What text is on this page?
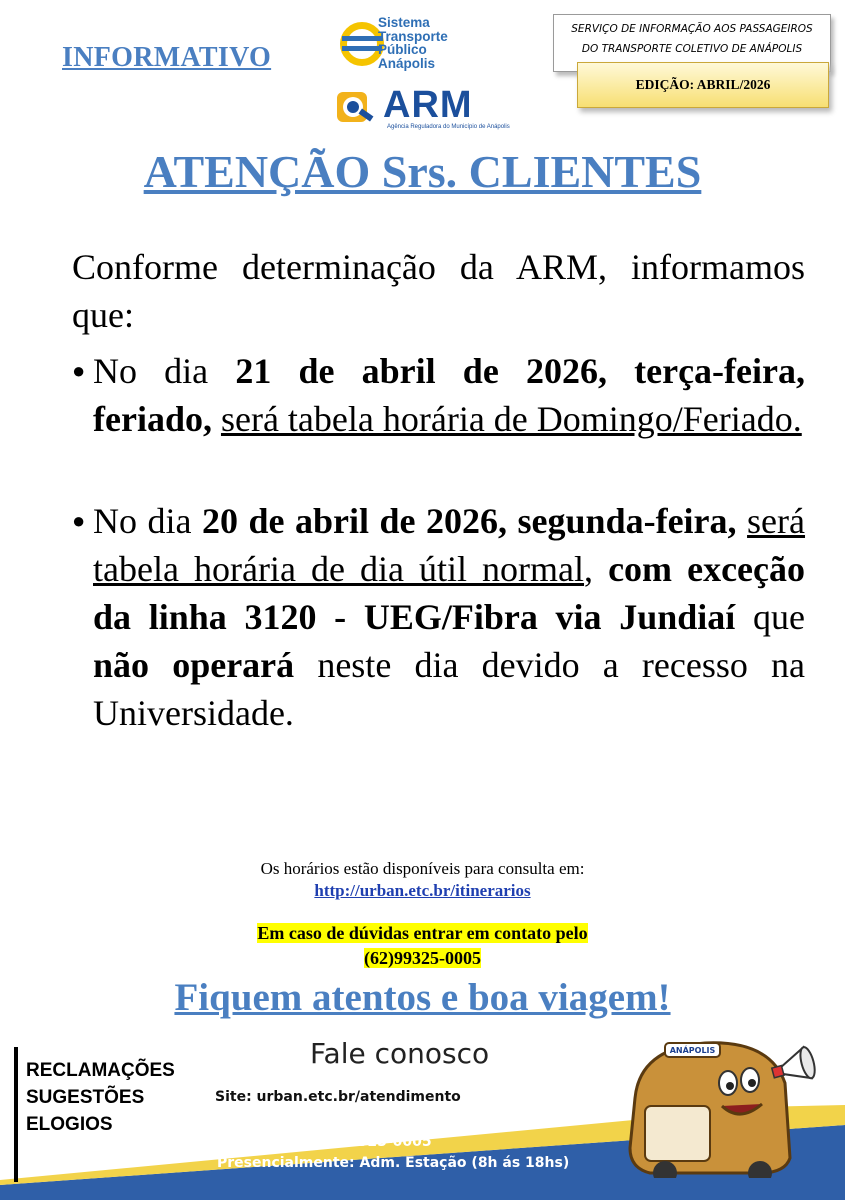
INFORMATIVO
Sistema
Transporte
Público
Anápolis
ARM
Agência Reguladora do Município de Anápolis
SERVIÇO DE INFORMAÇÃO AOS PASSAGEIROS
DO TRANSPORTE COLETIVO DE ANÁPOLIS
EDIÇÃO: ABRIL/2026
ATENÇÃO Srs. CLIENTES
Conforme determinação da ARM, informamos que:
● No dia 21 de abril de 2026, terça-feira, feriado, será tabela horária de Domingo/Feriado.
● No dia 20 de abril de 2026, segunda-feira, será tabela horária de dia útil normal, com exceção da linha 3120 - UEG/Fibra via Jundiaí que não operará neste dia devido a recesso na Universidade.
Os horários estão disponíveis para consulta em:
http://urban.etc.br/itinerarios
Em caso de dúvidas entrar em contato pelo
(62)99325-0005
Fiquem atentos e boa viagem!
RECLAMAÇÕES
SUGESTÕES
ELOGIOS
Fale conosco
Site: urban.etc.br/atendimento
E-mail: bco@urban.etc.br
Telefone: (62) 9 9325-0005
Presencialmente: Adm. Estação (8h ás 18hs)
ANÁPOLIS
